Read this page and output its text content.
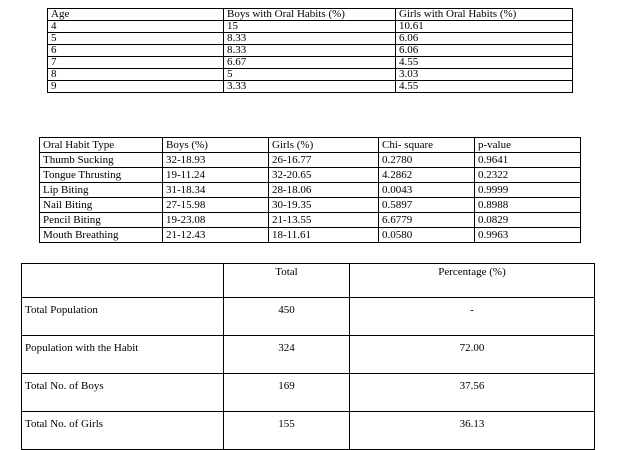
Age	Boys with Oral Habits (%)	Girls with Oral Habits (%)
4	15	10.61
5	8.33	6.06
6	8.33	6.06
7	6.67	4.55
8	5	3.03
9	3.33	4.55
Oral Habit Type	Boys (%)	Girls (%)	Chi- square	p-value
Thumb Sucking	32-18.93	26-16.77	0.2780	0.9641
Tongue Thrusting	19-11.24	32-20.65	4.2862	0.2322
Lip Biting	31-18.34	28-18.06	0.0043	0.9999
Nail Biting	27-15.98	30-19.35	0.5897	0.8988
Pencil Biting	19-23.08	21-13.55	6.6779	0.0829
Mouth Breathing	21-12.43	18-11.61	0.0580	0.9963
	Total	Percentage (%)
Total Population	450	-
Population with the Habit	324	72.00
Total No. of Boys	169	37.56
Total No. of Girls	155	36.13
